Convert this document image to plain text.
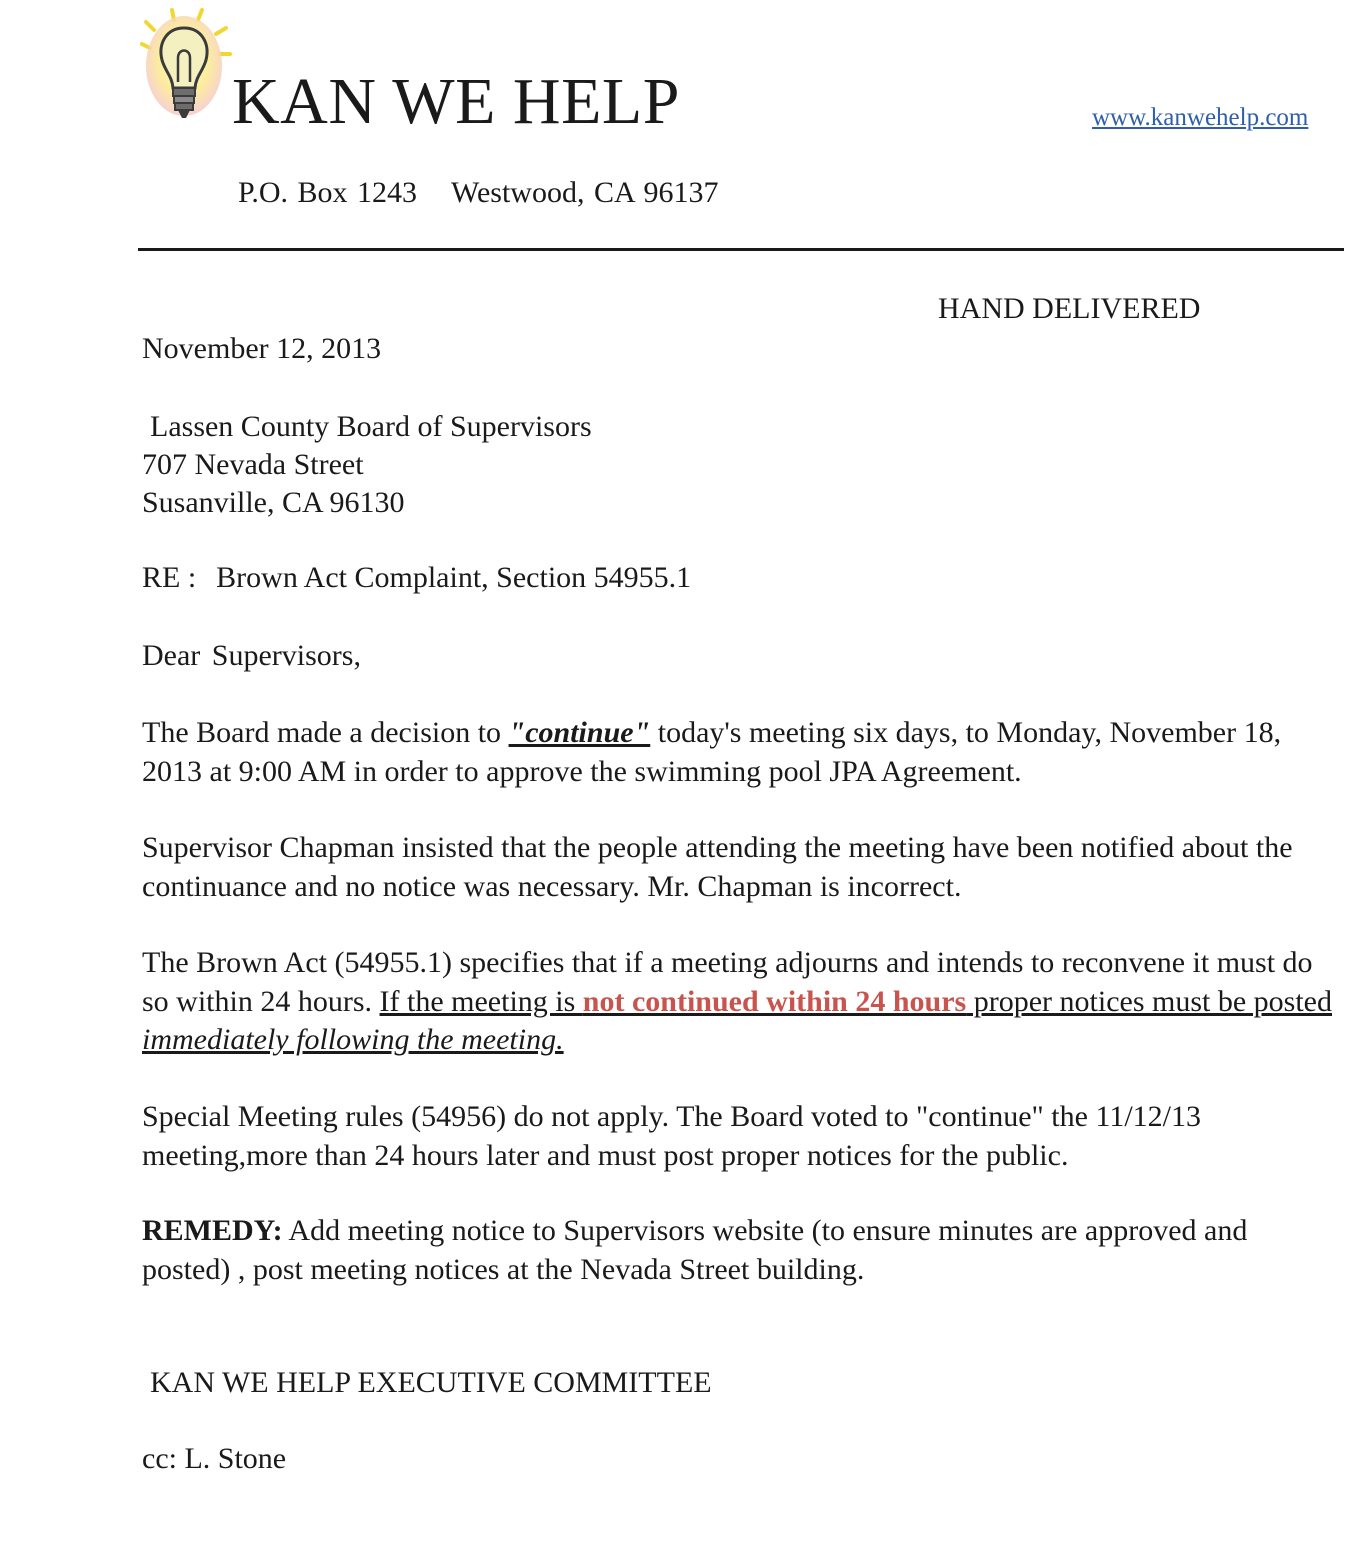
KAN WE HELP	www.kanwehelp.com
P.O. Box 1243 Westwood, CA 96137
HAND DELIVERED
November 12, 2013
Lassen County Board of Supervisors
707 Nevada Street
Susanville, CA 96130
RE : Brown Act Complaint, Section 54955.1
Dear Supervisors,
The Board made a decision to "continue" today's meeting six days, to Monday, November 18, 2013 at 9:00 AM in order to approve the swimming pool JPA Agreement.
Supervisor Chapman insisted that the people attending the meeting have been notified about the continuance and no notice was necessary. Mr. Chapman is incorrect.
The Brown Act (54955.1) specifies that if a meeting adjourns and intends to reconvene it must do so within 24 hours. If the meeting is not continued within 24 hours proper notices must be posted immediately following the meeting.
Special Meeting rules (54956) do not apply. The Board voted to "continue" the 11/12/13 meeting,more than 24 hours later and must post proper notices for the public.
REMEDY: Add meeting notice to Supervisors website (to ensure minutes are approved and posted) , post meeting notices at the Nevada Street building.
KAN WE HELP EXECUTIVE COMMITTEE
cc: L. Stone
